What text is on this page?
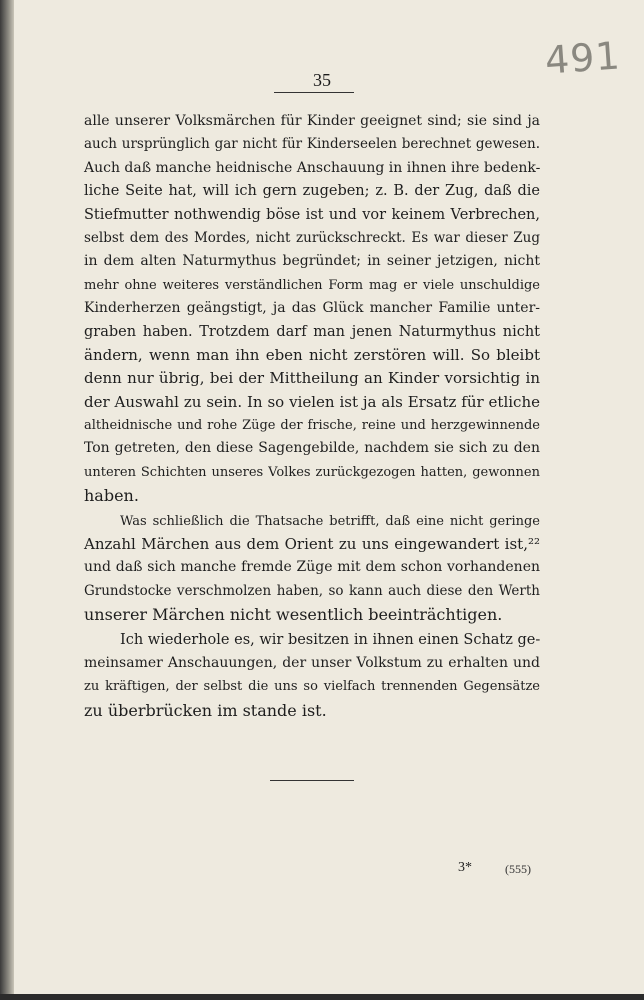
491
35
alle unserer Volksmärchen für Kinder geeignet sind; sie sind ja
auch ursprünglich gar nicht für Kinderseelen berechnet gewesen.
Auch daß manche heidnische Anschauung in ihnen ihre bedenk-
liche Seite hat, will ich gern zugeben; z. B. der Zug, daß die
Stiefmutter nothwendig böse ist und vor keinem Verbrechen,
selbst dem des Mordes, nicht zurückschreckt. Es war dieser Zug
in dem alten Naturmythus begründet; in seiner jetzigen, nicht
mehr ohne weiteres verständlichen Form mag er viele unschuldige
Kinderherzen geängstigt, ja das Glück mancher Familie unter-
graben haben. Trotzdem darf man jenen Naturmythus nicht
ändern, wenn man ihn eben nicht zerstören will. So bleibt
denn nur übrig, bei der Mittheilung an Kinder vorsichtig in
der Auswahl zu sein. In so vielen ist ja als Ersatz für etliche
altheidnische und rohe Züge der frische, reine und herzgewinnende
Ton getreten, den diese Sagengebilde, nachdem sie sich zu den
unteren Schichten unseres Volkes zurückgezogen hatten, gewonnen
haben.
Was schließlich die Thatsache betrifft, daß eine nicht geringe
Anzahl Märchen aus dem Orient zu uns eingewandert ist,²²
und daß sich manche fremde Züge mit dem schon vorhandenen
Grundstocke verschmolzen haben, so kann auch diese den Werth
unserer Märchen nicht wesentlich beeinträchtigen.
Ich wiederhole es, wir besitzen in ihnen einen Schatz ge-
meinsamer Anschauungen, der unser Volkstum zu erhalten und
zu kräftigen, der selbst die uns so vielfach trennenden Gegensätze
zu überbrücken im stande ist.
3*	(555)
